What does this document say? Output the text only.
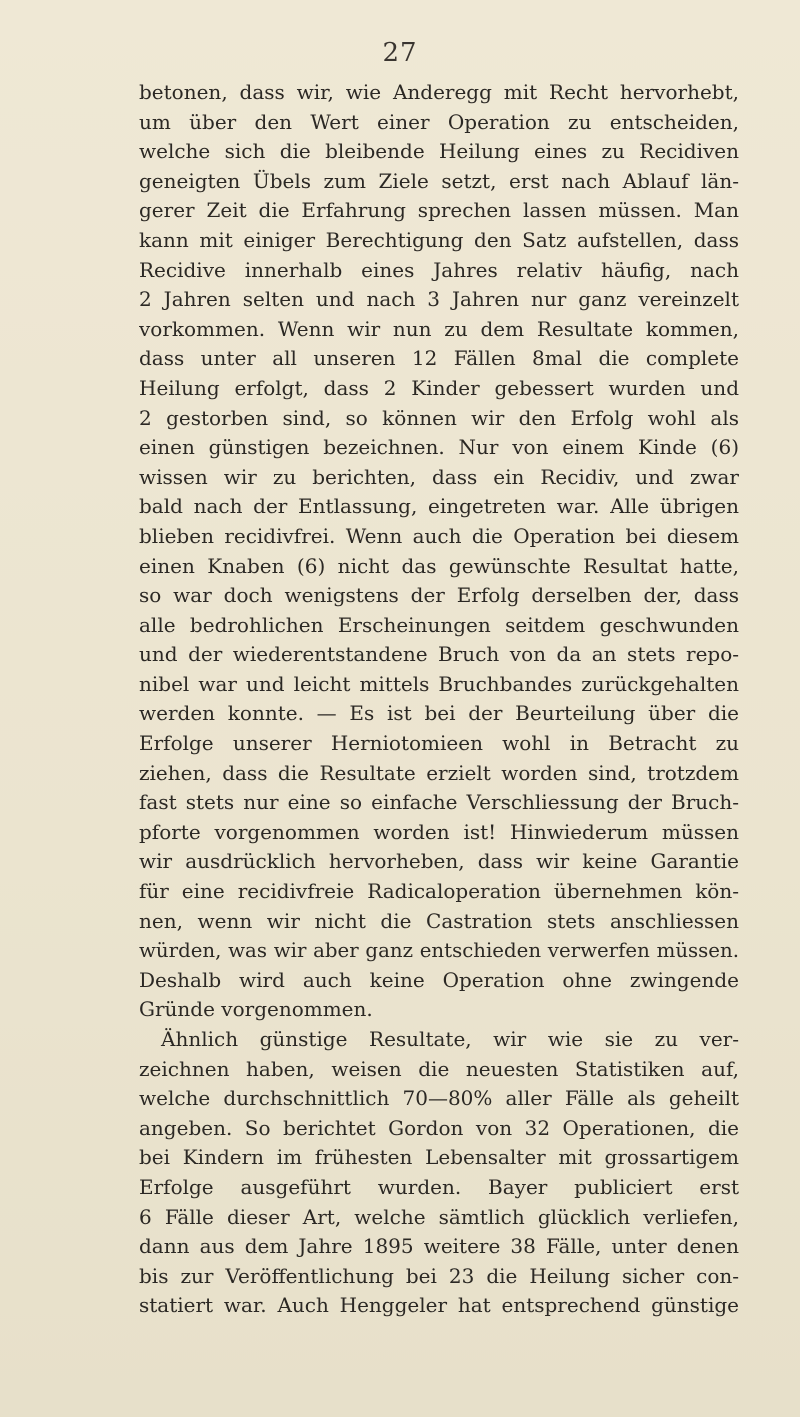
27
betonen, dass wir, wie Anderegg mit Recht hervorhebt,
um über den Wert einer Operation zu entscheiden,
welche sich die bleibende Heilung eines zu Recidiven
geneigten Übels zum Ziele setzt, erst nach Ablauf län-
gerer Zeit die Erfahrung sprechen lassen müssen. Man
kann mit einiger Berechtigung den Satz aufstellen, dass
Recidive innerhalb eines Jahres relativ häufig, nach
2 Jahren selten und nach 3 Jahren nur ganz vereinzelt
vorkommen. Wenn wir nun zu dem Resultate kommen,
dass unter all unseren 12 Fällen 8mal die complete
Heilung erfolgt, dass 2 Kinder gebessert wurden und
2 gestorben sind, so können wir den Erfolg wohl als
einen günstigen bezeichnen. Nur von einem Kinde (6)
wissen wir zu berichten, dass ein Recidiv, und zwar
bald nach der Entlassung, eingetreten war. Alle übrigen
blieben recidivfrei. Wenn auch die Operation bei diesem
einen Knaben (6) nicht das gewünschte Resultat hatte,
so war doch wenigstens der Erfolg derselben der, dass
alle bedrohlichen Erscheinungen seitdem geschwunden
und der wiederentstandene Bruch von da an stets repo-
nibel war und leicht mittels Bruchbandes zurückgehalten
werden konnte. — Es ist bei der Beurteilung über die
Erfolge unserer Herniotomieen wohl in Betracht zu
ziehen, dass die Resultate erzielt worden sind, trotzdem
fast stets nur eine so einfache Verschliessung der Bruch-
pforte vorgenommen worden ist! Hinwiederum müssen
wir ausdrücklich hervorheben, dass wir keine Garantie
für eine recidivfreie Radicaloperation übernehmen kön-
nen, wenn wir nicht die Castration stets anschliessen
würden, was wir aber ganz entschieden verwerfen müssen.
Deshalb wird auch keine Operation ohne zwingende
Gründe vorgenommen.
Ähnlich günstige Resultate, wir wie sie zu ver-
zeichnen haben, weisen die neuesten Statistiken auf,
welche durchschnittlich 70—80% aller Fälle als geheilt
angeben. So berichtet Gordon von 32 Operationen, die
bei Kindern im frühesten Lebensalter mit grossartigem
Erfolge ausgeführt wurden. Bayer publiciert erst
6 Fälle dieser Art, welche sämtlich glücklich verliefen,
dann aus dem Jahre 1895 weitere 38 Fälle, unter denen
bis zur Veröffentlichung bei 23 die Heilung sicher con-
statiert war. Auch Henggeler hat entsprechend günstige
